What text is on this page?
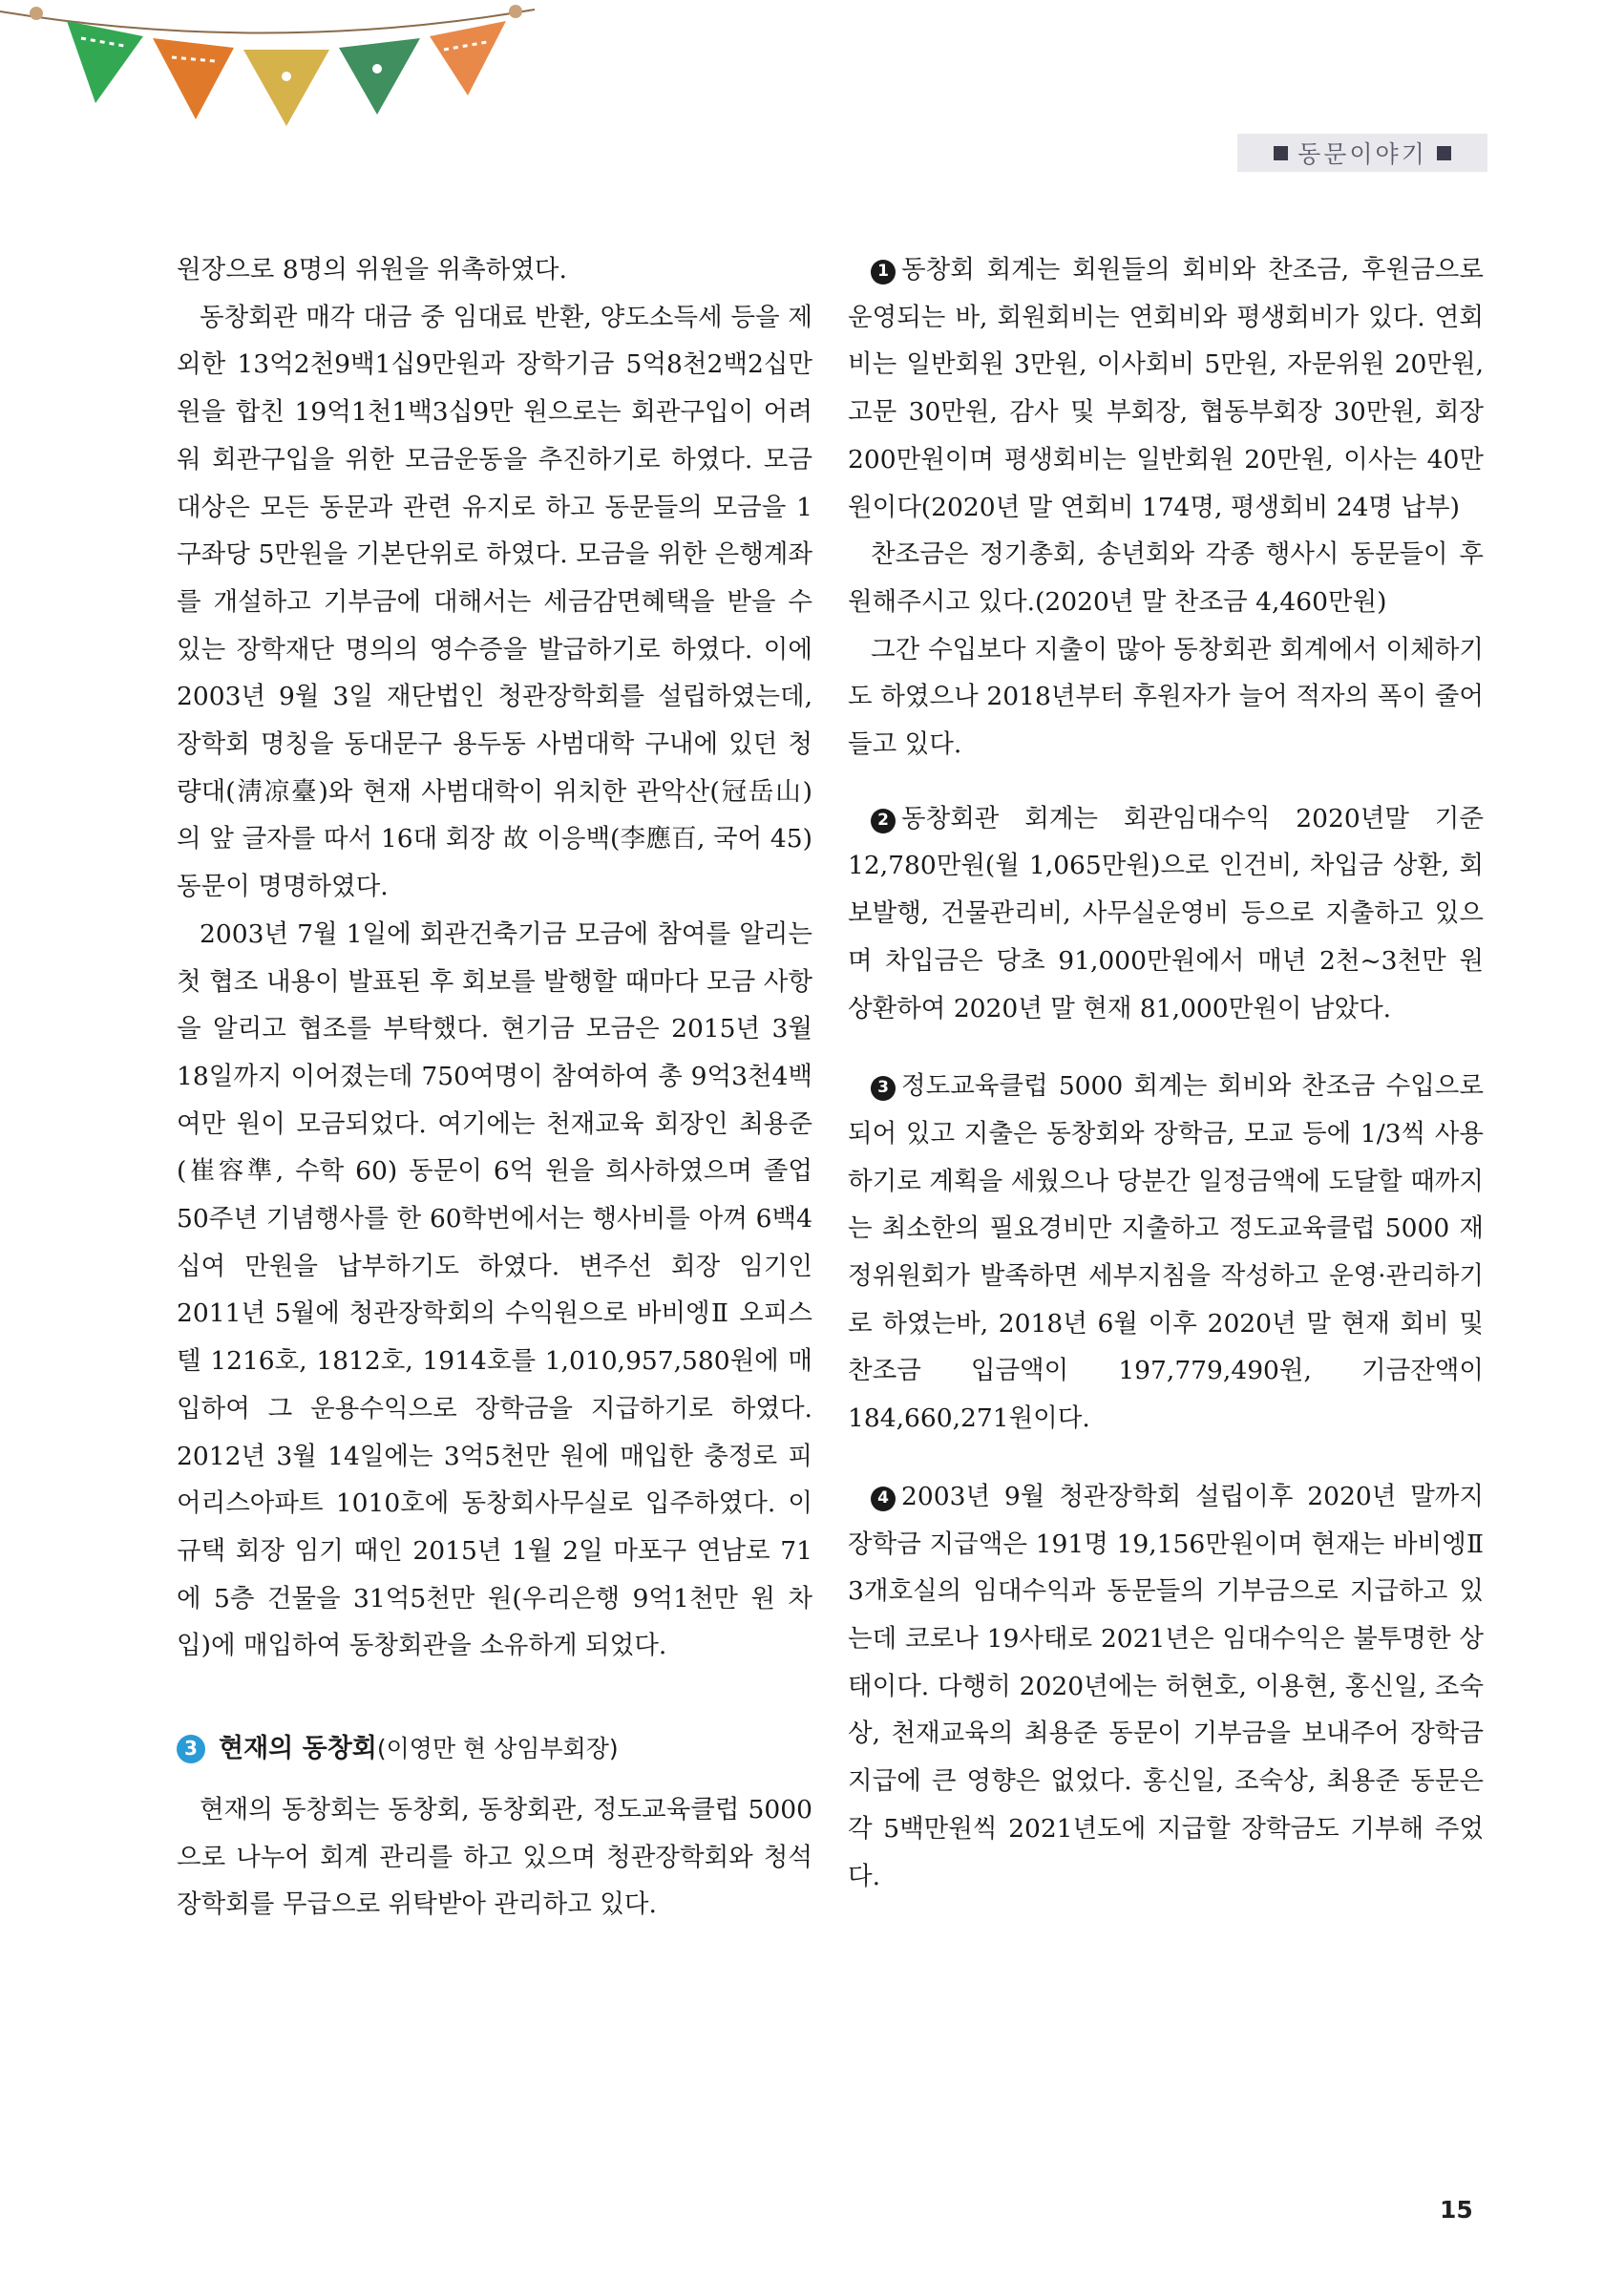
동문이야기

원장으로 8명의 위원을 위촉하였다.

동창회관 매각 대금 중 임대료 반환, 양도소득세 등을 제외한 13억2천9백1십9만원과 장학기금 5억8천2백2십만 원을 합친 19억1천1백3십9만 원으로는 회관구입이 어려워 회관구입을 위한 모금운동을 추진하기로 하였다. 모금대상은 모든 동문과 관련 유지로 하고 동문들의 모금을 1구좌당 5만원을 기본단위로 하였다. 모금을 위한 은행계좌를 개설하고 기부금에 대해서는 세금감면혜택을 받을 수 있는 장학재단 명의의 영수증을 발급하기로 하였다. 이에 2003년 9월 3일 재단법인 청관장학회를 설립하였는데, 장학회 명칭을 동대문구 용두동 사범대학 구내에 있던 청량대(淸凉臺)와 현재 사범대학이 위치한 관악산(冠岳山)의 앞 글자를 따서 16대 회장 故 이응백(李應百, 국어 45) 동문이 명명하였다.

2003년 7월 1일에 회관건축기금 모금에 참여를 알리는 첫 협조 내용이 발표된 후 회보를 발행할 때마다 모금 사항을 알리고 협조를 부탁했다. 현기금 모금은 2015년 3월 18일까지 이어졌는데 750여명이 참여하여 총 9억3천4백여만 원이 모금되었다. 여기에는 천재교육 회장인 최용준(崔容準, 수학 60) 동문이 6억 원을 희사하였으며 졸업 50주년 기념행사를 한 60학번에서는 행사비를 아껴 6백4십여 만원을 납부하기도 하였다. 변주선 회장 임기인 2011년 5월에 청관장학회의 수익원으로 바비엥Ⅱ 오피스텔 1216호, 1812호, 1914호를 1,010,957,580원에 매입하여 그 운용수익으로 장학금을 지급하기로 하였다. 2012년 3월 14일에는 3억5천만 원에 매입한 충정로 피어리스아파트 1010호에 동창회사무실로 입주하였다. 이규택 회장 임기 때인 2015년 1월 2일 마포구 연남로 71에 5층 건물을 31억5천만 원(우리은행 9억1천만 원 차입)에 매입하여 동창회관을 소유하게 되었다.

3 현재의 동창회 (이영만 현 상임부회장)

현재의 동창회는 동창회, 동창회관, 정도교육클럽 5000으로 나누어 회계 관리를 하고 있으며 청관장학회와 청석장학회를 무급으로 위탁받아 관리하고 있다.

1 동창회 회계는 회원들의 회비와 찬조금, 후원금으로 운영되는 바, 회원회비는 연회비와 평생회비가 있다. 연회비는 일반회원 3만원, 이사회비 5만원, 자문위원 20만원, 고문 30만원, 감사 및 부회장, 협동부회장 30만원, 회장 200만원이며 평생회비는 일반회원 20만원, 이사는 40만원이다(2020년 말 연회비 174명, 평생회비 24명 납부)

찬조금은 정기총회, 송년회와 각종 행사시 동문들이 후원해주시고 있다.(2020년 말 찬조금 4,460만원)

그간 수입보다 지출이 많아 동창회관 회계에서 이체하기도 하였으나 2018년부터 후원자가 늘어 적자의 폭이 줄어들고 있다.

2 동창회관 회계는 회관임대수익 2020년말 기준 12,780만원(월 1,065만원)으로 인건비, 차입금 상환, 회보발행, 건물관리비, 사무실운영비 등으로 지출하고 있으며 차입금은 당초 91,000만원에서 매년 2천~3천만 원 상환하여 2020년 말 현재 81,000만원이 남았다.

3 정도교육클럽 5000 회계는 회비와 찬조금 수입으로 되어 있고 지출은 동창회와 장학금, 모교 등에 1/3씩 사용하기로 계획을 세웠으나 당분간 일정금액에 도달할 때까지는 최소한의 필요경비만 지출하고 정도교육클럽 5000 재정위원회가 발족하면 세부지침을 작성하고 운영·관리하기로 하였는바, 2018년 6월 이후 2020년 말 현재 회비 및 찬조금 입금액이 197,779,490원, 기금잔액이 184,660,271원이다.

4 2003년 9월 청관장학회 설립이후 2020년 말까지 장학금 지급액은 191명 19,156만원이며 현재는 바비엥Ⅱ 3개호실의 임대수익과 동문들의 기부금으로 지급하고 있는데 코로나 19사태로 2021년은 임대수익은 불투명한 상태이다. 다행히 2020년에는 허현호, 이용현, 홍신일, 조숙상, 천재교육의 최용준 동문이 기부금을 보내주어 장학금 지급에 큰 영향은 없었다. 홍신일, 조숙상, 최용준 동문은 각 5백만원씩 2021년도에 지급할 장학금도 기부해 주었다.

15
